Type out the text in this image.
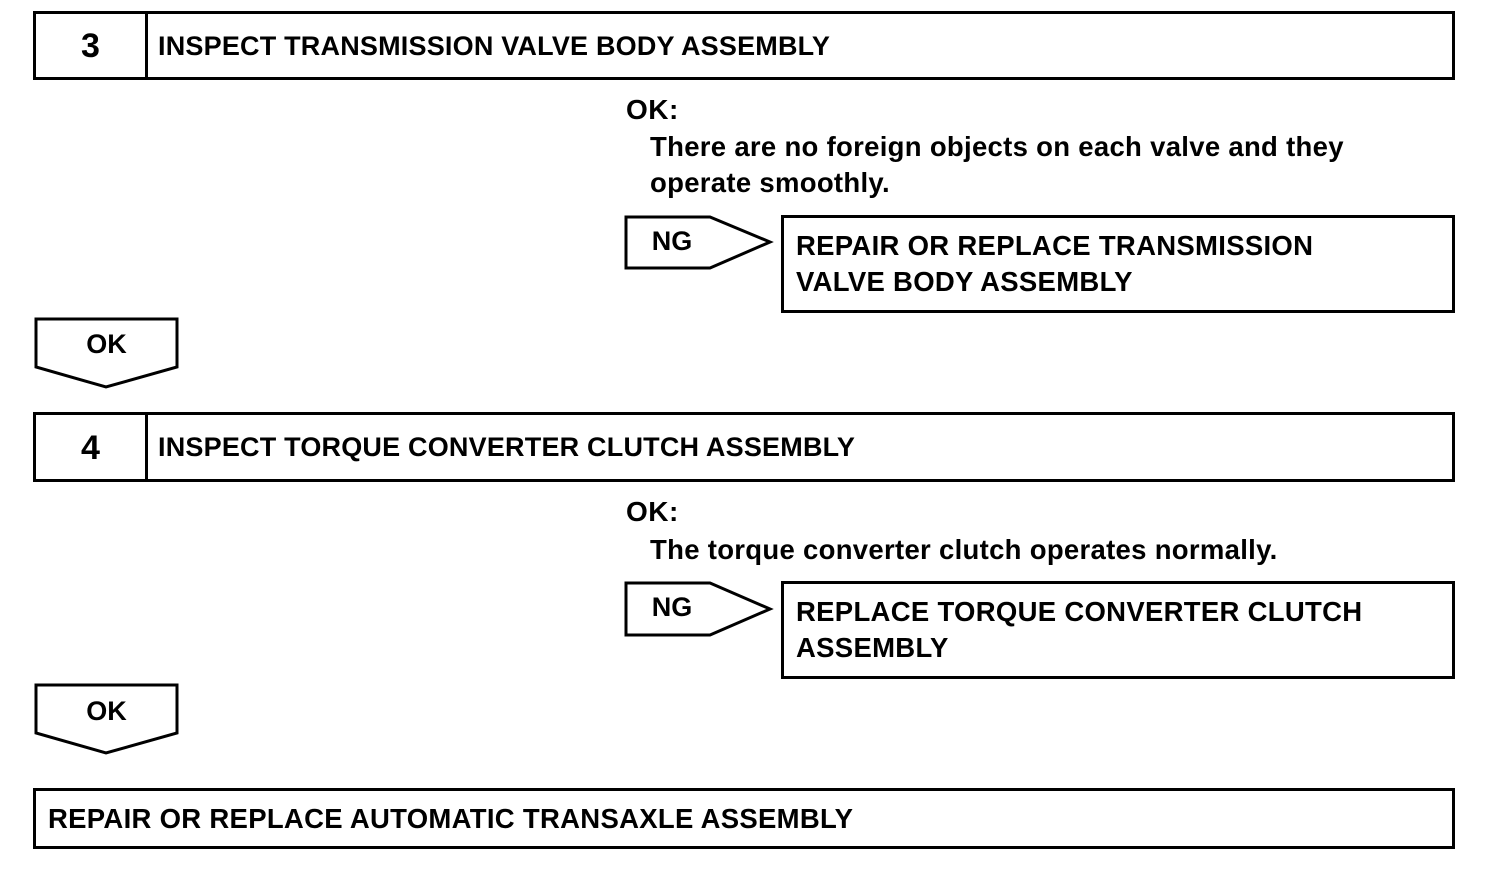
3	INSPECT TRANSMISSION VALVE BODY ASSEMBLY
OK:
There are no foreign objects on each valve and they
operate smoothly.
NG	REPAIR OR REPLACE TRANSMISSION
VALVE BODY ASSEMBLY
OK
4	INSPECT TORQUE CONVERTER CLUTCH ASSEMBLY
OK:
The torque converter clutch operates normally.
NG	REPLACE TORQUE CONVERTER CLUTCH
ASSEMBLY
OK
REPAIR OR REPLACE AUTOMATIC TRANSAXLE ASSEMBLY
